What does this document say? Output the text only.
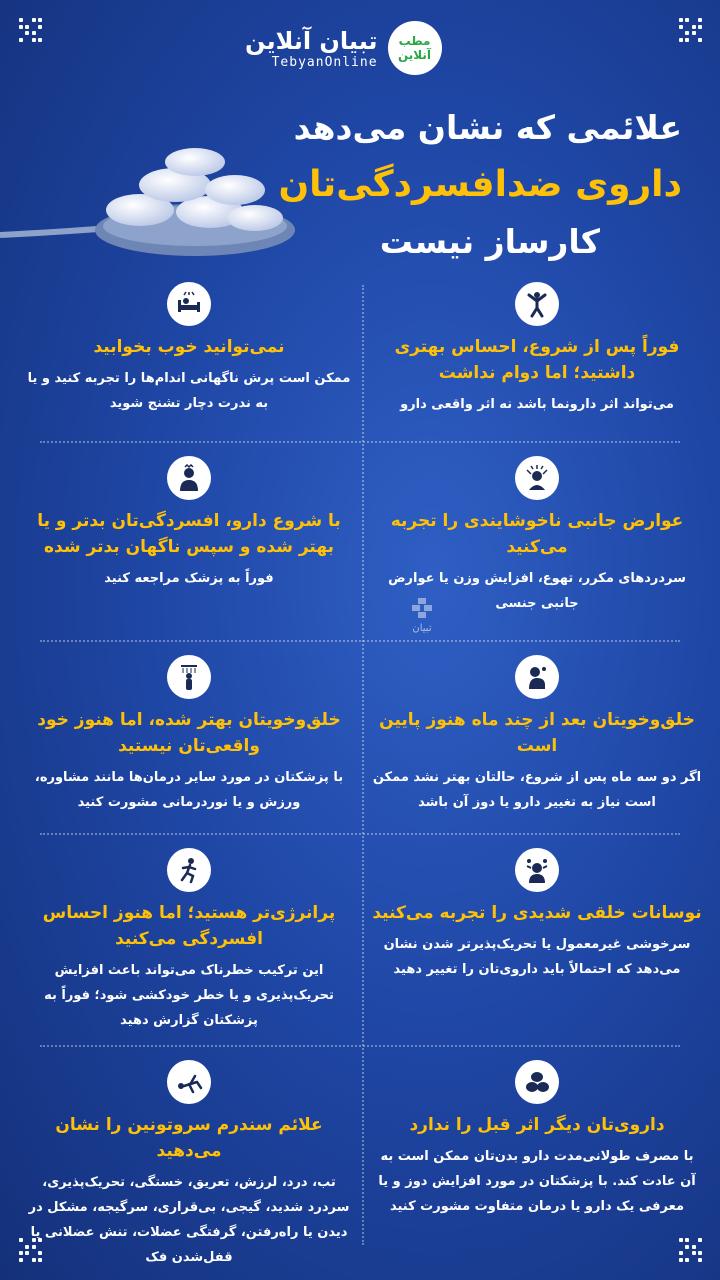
تبیان آنلاین
TebyanOnline
مطب
آنلاین
علائمی که نشان می‌دهد
داروی ضدافسردگی‌تان
کارساز نیست
فوراً پس از شروع، احساس بهتری داشتید؛ اما دوام نداشت

می‌تواند اثر دارونما باشد نه اثر واقعی دارو

نمی‌توانید خوب بخوابید

ممکن است پرش ناگهانی اندام‌ها را تجربه کنید و یا به ندرت دچار تشنج شوید

عوارض جانبی ناخوشایندی را تجربه می‌کنید

سردردهای مکرر، تهوع، افزایش وزن یا عوارض جانبی جنسی

با شروع دارو، افسردگی‌تان بدتر و یا بهتر شده و سپس ناگهان بدتر شده

فوراً به پزشک مراجعه کنید

خلق‌وخویتان بعد از چند ماه هنوز پایین است

اگر دو سه ماه پس از شروع، حالتان بهتر نشد ممکن است نیاز به تغییر دارو یا دوز آن باشد

خلق‌وخویتان بهتر شده، اما هنوز خود واقعی‌تان نیستید

با پزشکتان در مورد سایر درمان‌ها مانند مشاوره، ورزش و یا نوردرمانی مشورت کنید

نوسانات خلقی شدیدی را تجربه می‌کنید

سرخوشی غیرمعمول یا تحریک‌پذیرتر شدن نشان می‌دهد که احتمالاً باید داروی‌تان را تغییر دهید

پرانرژی‌تر هستید؛ اما هنوز احساس افسردگی می‌کنید

این ترکیب خطرناک می‌تواند باعث افزایش تحریک‌پذیری و یا خطر خودکشی شود؛ فوراً به پزشکتان گزارش دهید

داروی‌تان دیگر اثر قبل را ندارد

با مصرف طولانی‌مدت دارو بدن‌تان ممکن است به آن عادت کند. با پزشکتان در مورد افزایش دوز و یا معرفی یک دارو یا درمان متفاوت مشورت کنید

علائم سندرم سروتونین را نشان می‌دهید

تب، درد، لرزش، تعریق، خستگی، تحریک‌پذیری، سردرد شدید، گیجی، بی‌قراری، سرگیجه، مشکل در دیدن یا راه‌رفتن، گرفتگی عضلات، تنش عضلانی یا قفل‌شدن فک

تبیان
